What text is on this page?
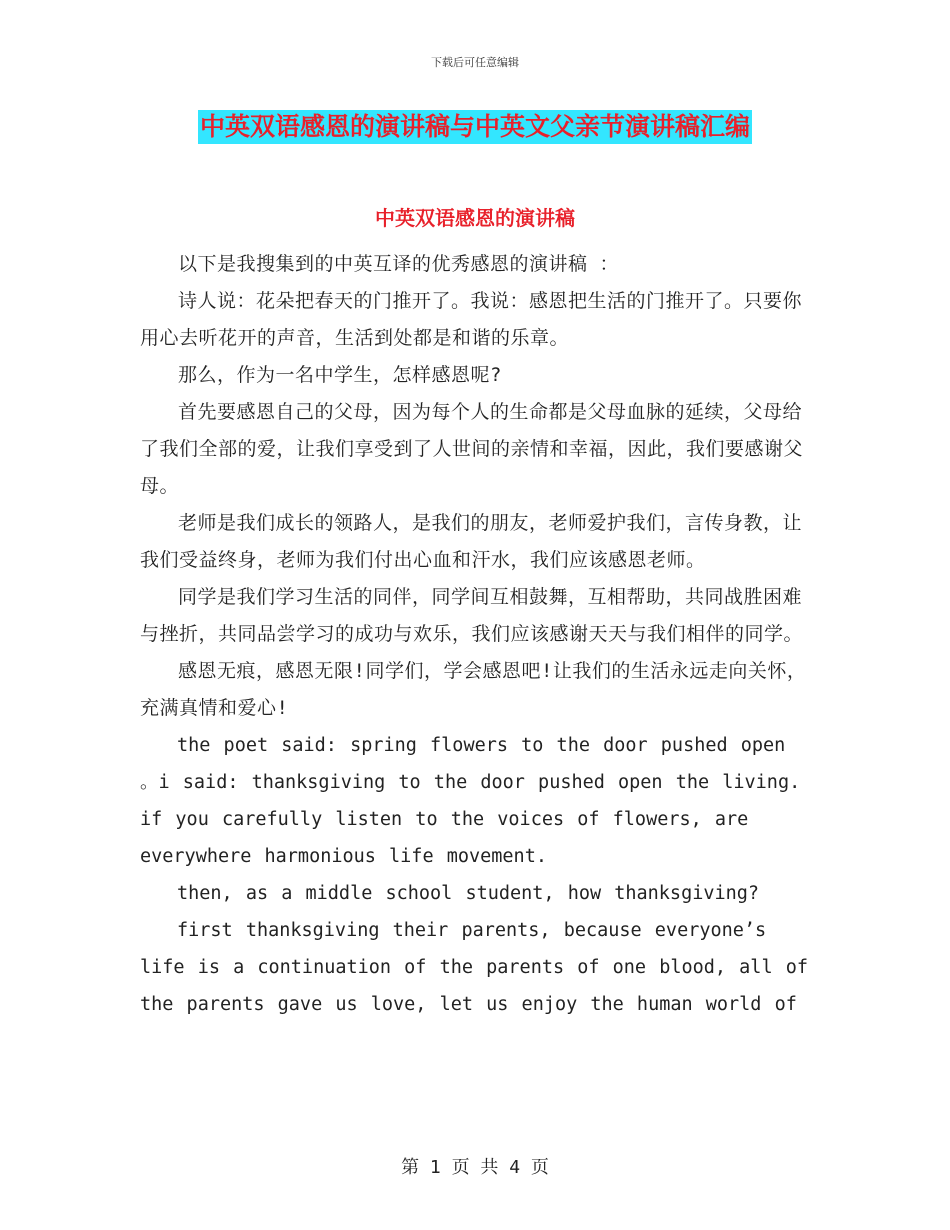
下载后可任意编辑
中英双语感恩的演讲稿与中英文父亲节演讲稿汇编
中英双语感恩的演讲稿

以下是我搜集到的中英互译的优秀感恩的演讲稿 ：

诗人说：花朵把春天的门推开了。我说：感恩把生活的门推开了。只要你用心去听花开的声音，生活到处都是和谐的乐章。

那么，作为一名中学生，怎样感恩呢?

首先要感恩自己的父母，因为每个人的生命都是父母血脉的延续，父母给了我们全部的爱，让我们享受到了人世间的亲情和幸福，因此，我们要感谢父母。

老师是我们成长的领路人，是我们的朋友，老师爱护我们，言传身教，让我们受益终身，老师为我们付出心血和汗水，我们应该感恩老师。

同学是我们学习生活的同伴，同学间互相鼓舞，互相帮助，共同战胜困难与挫折，共同品尝学习的成功与欢乐，我们应该感谢天天与我们相伴的同学。

感恩无痕，感恩无限!同学们，学会感恩吧!让我们的生活永远走向关怀，充满真情和爱心!

the poet said: spring flowers to the door pushed open 。i said: thanksgiving to the door pushed open the living. if you carefully listen to the voices of flowers, are everywhere harmonious life movement.

then, as a middle school student, how thanksgiving?

first thanksgiving their parents, because everyone’s life is a continuation of the parents of one blood, all of the parents gave us love, let us enjoy the human world of

第 1 页 共 4 页
